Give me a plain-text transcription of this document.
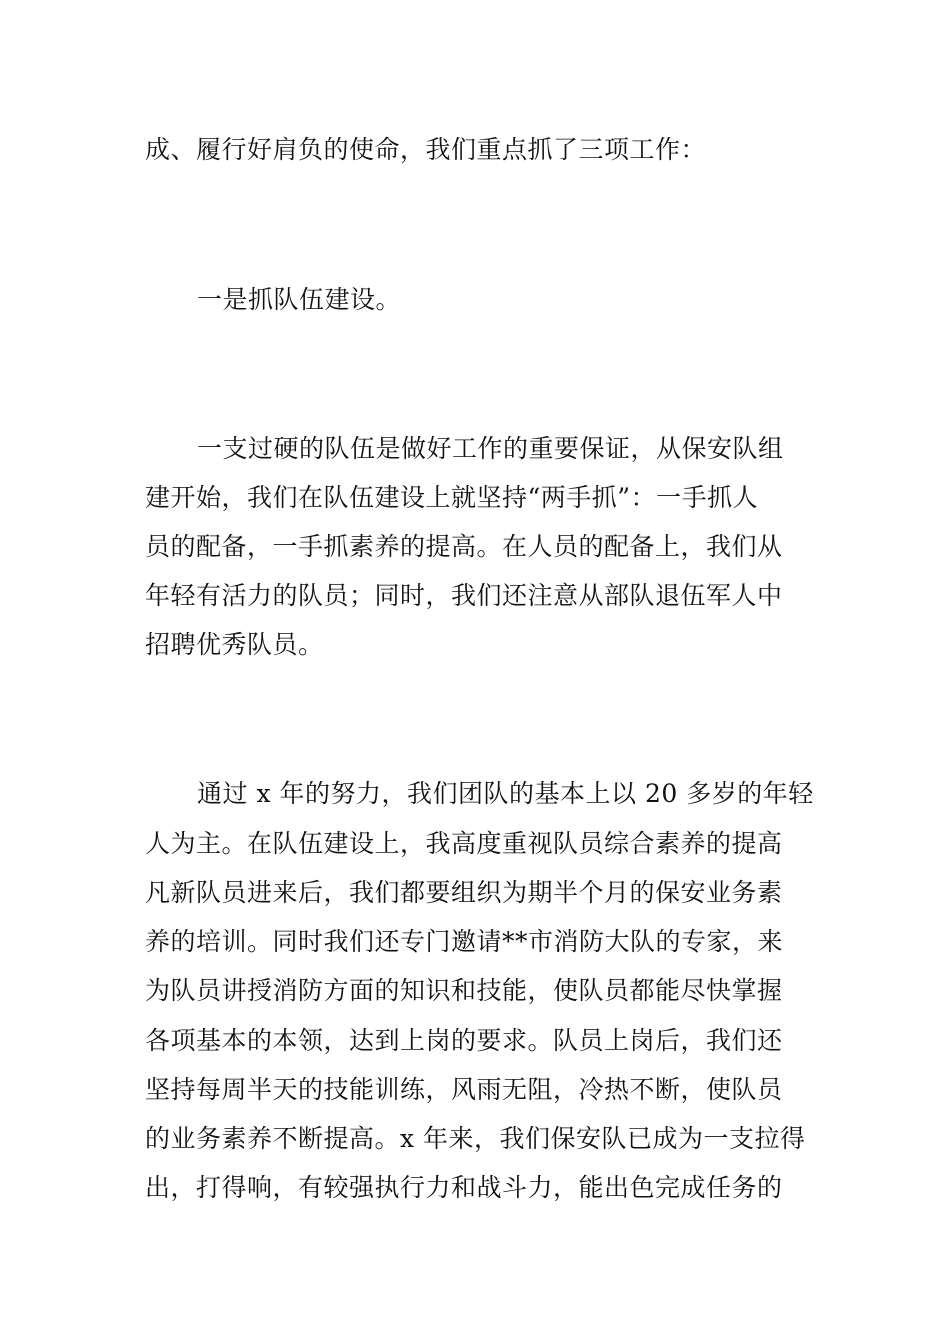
成、履行好肩负的使命，我们重点抓了三项工作：
一是抓队伍建设。
一支过硬的队伍是做好工作的重要保证，从保安队组
建开始，我们在队伍建设上就坚持“两手抓”：一手抓人
员的配备，一手抓素养的提高。在人员的配备上，我们从
年轻有活力的队员；同时，我们还注意从部队退伍军人中
招聘优秀队员。
通过 x 年的努力，我们团队的基本上以 20 多岁的年轻
人为主。在队伍建设上，我高度重视队员综合素养的提高
凡新队员进来后，我们都要组织为期半个月的保安业务素
养的培训。同时我们还专门邀请**市消防大队的专家，来
为队员讲授消防方面的知识和技能，使队员都能尽快掌握
各项基本的本领，达到上岗的要求。队员上岗后，我们还
坚持每周半天的技能训练，风雨无阻，冷热不断，使队员
的业务素养不断提高。x 年来，我们保安队已成为一支拉得
出，打得响，有较强执行力和战斗力，能出色完成任务的
